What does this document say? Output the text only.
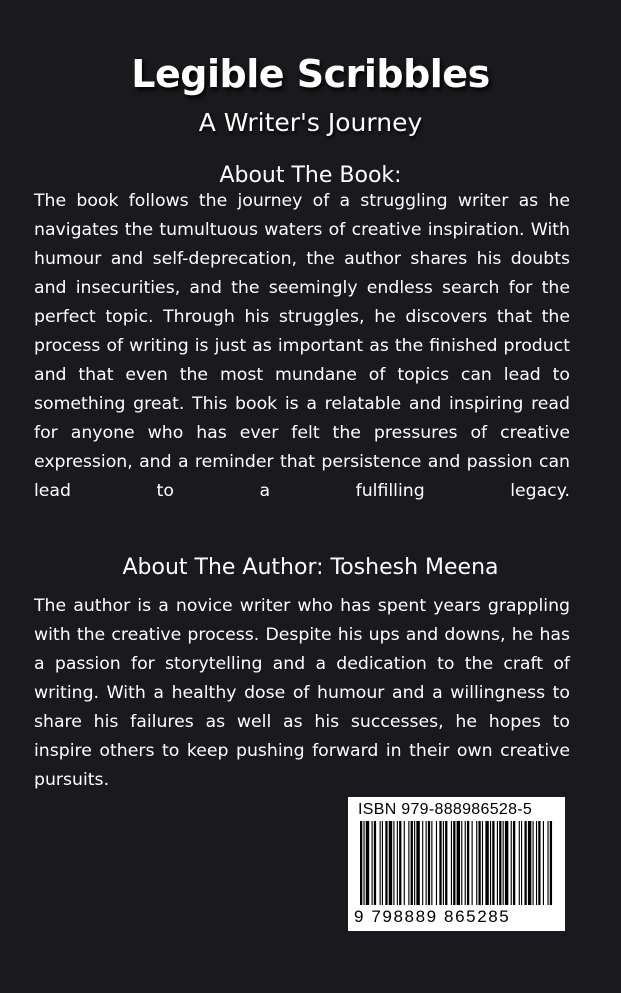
Legible Scribbles
A Writer's Journey
About The Book:
The book follows the journey of a struggling writer as he navigates the tumultuous waters of creative inspiration. With humour and self-deprecation, the author shares his doubts and insecurities, and the seemingly endless search for the perfect topic. Through his struggles, he discovers that the process of writing is just as important as the finished product and that even the most mundane of topics can lead to something great. This book is a relatable and inspiring read for anyone who has ever felt the pressures of creative expression, and a reminder that persistence and passion can lead to a fulfilling legacy.
About The Author: Toshesh Meena
The author is a novice writer who has spent years grappling with the creative process. Despite his ups and downs, he has a passion for storytelling and a dedication to the craft of writing. With a healthy dose of humour and a willingness to share his failures as well as his successes, he hopes to inspire others to keep pushing forward in their own creative pursuits.
ISBN 979-888986528-5
9 798889 865285
